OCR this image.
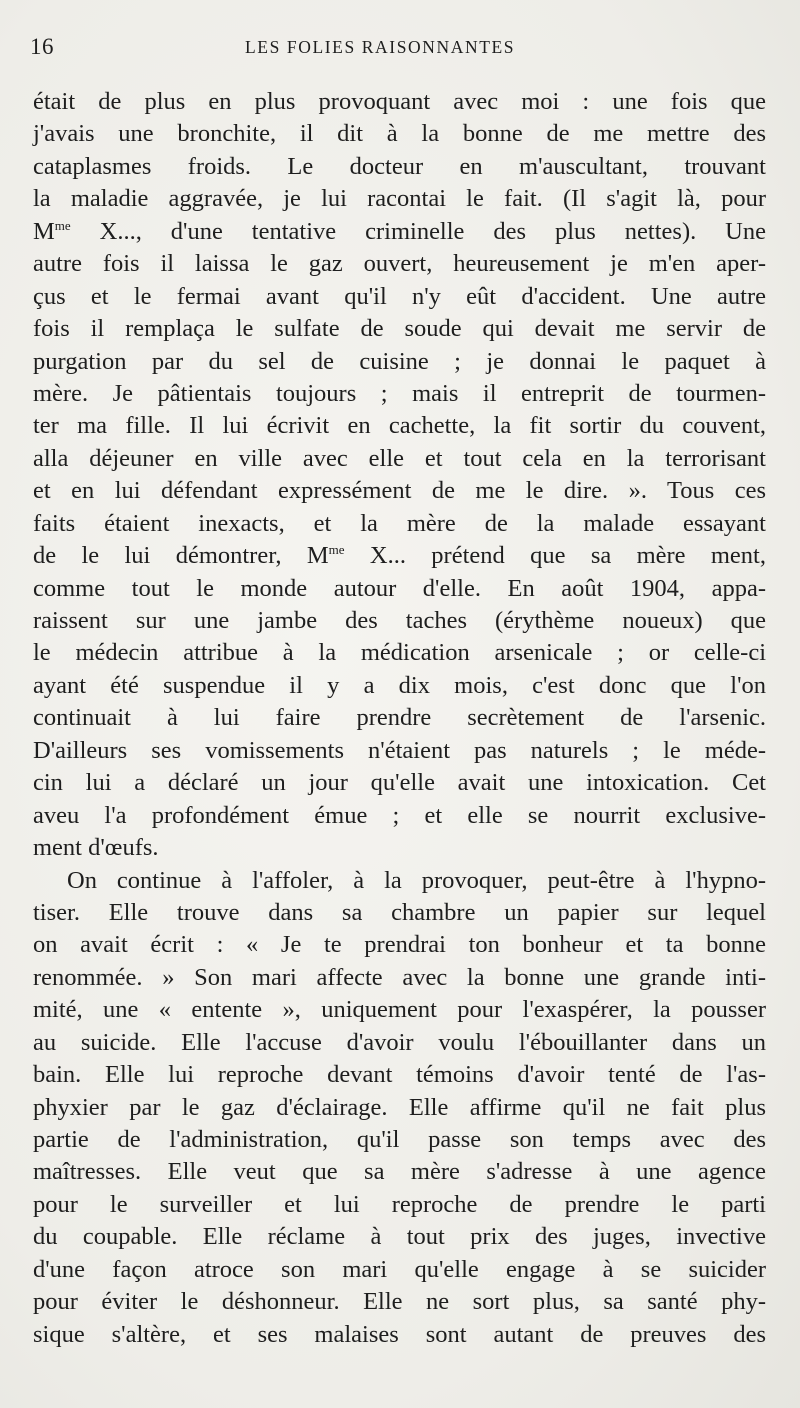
16	LES FOLIES RAISONNANTES
était de plus en plus provoquant avec moi : une fois que
j'avais une bronchite, il dit à la bonne de me mettre des
cataplasmes froids. Le docteur en m'auscultant, trouvant
la maladie aggravée, je lui racontai le fait. (Il s'agit là, pour
$M^{me}$ X..., d'une tentative criminelle des plus nettes). Une
autre fois il laissa le gaz ouvert, heureusement je m'en aper-
çus et le fermai avant qu'il n'y eût d'accident. Une autre
fois il remplaça le sulfate de soude qui devait me servir de
purgation par du sel de cuisine ; je donnai le paquet à
mère. Je pâtientais toujours ; mais il entreprit de tourmen-
ter ma fille. Il lui écrivit en cachette, la fit sortir du couvent,
alla déjeuner en ville avec elle et tout cela en la terrorisant
et en lui défendant expressément de me le dire. ». Tous ces
faits étaient inexacts, et la mère de la malade essayant
de le lui démontrer, $M^{me}$ X... prétend que sa mère ment,
comme tout le monde autour d'elle. En août 1904, appa-
raissent sur une jambe des taches (érythème noueux) que
le médecin attribue à la médication arsenicale ; or celle-ci
ayant été suspendue il y a dix mois, c'est donc que l'on
continuait à lui faire prendre secrètement de l'arsenic.
D'ailleurs ses vomissements n'étaient pas naturels ; le méde-
cin lui a déclaré un jour qu'elle avait une intoxication. Cet
aveu l'a profondément émue ; et elle se nourrit exclusive-
ment d'œufs.
On continue à l'affoler, à la provoquer, peut-être à l'hypno-
tiser. Elle trouve dans sa chambre un papier sur lequel
on avait écrit : « Je te prendrai ton bonheur et ta bonne
renommée. » Son mari affecte avec la bonne une grande inti-
mité, une « entente », uniquement pour l'exaspérer, la pousser
au suicide. Elle l'accuse d'avoir voulu l'ébouillanter dans un
bain. Elle lui reproche devant témoins d'avoir tenté de l'as-
phyxier par le gaz d'éclairage. Elle affirme qu'il ne fait plus
partie de l'administration, qu'il passe son temps avec des
maîtresses. Elle veut que sa mère s'adresse à une agence
pour le surveiller et lui reproche de prendre le parti
du coupable. Elle réclame à tout prix des juges, invective
d'une façon atroce son mari qu'elle engage à se suicider
pour éviter le déshonneur. Elle ne sort plus, sa santé phy-
sique s'altère, et ses malaises sont autant de preuves des
